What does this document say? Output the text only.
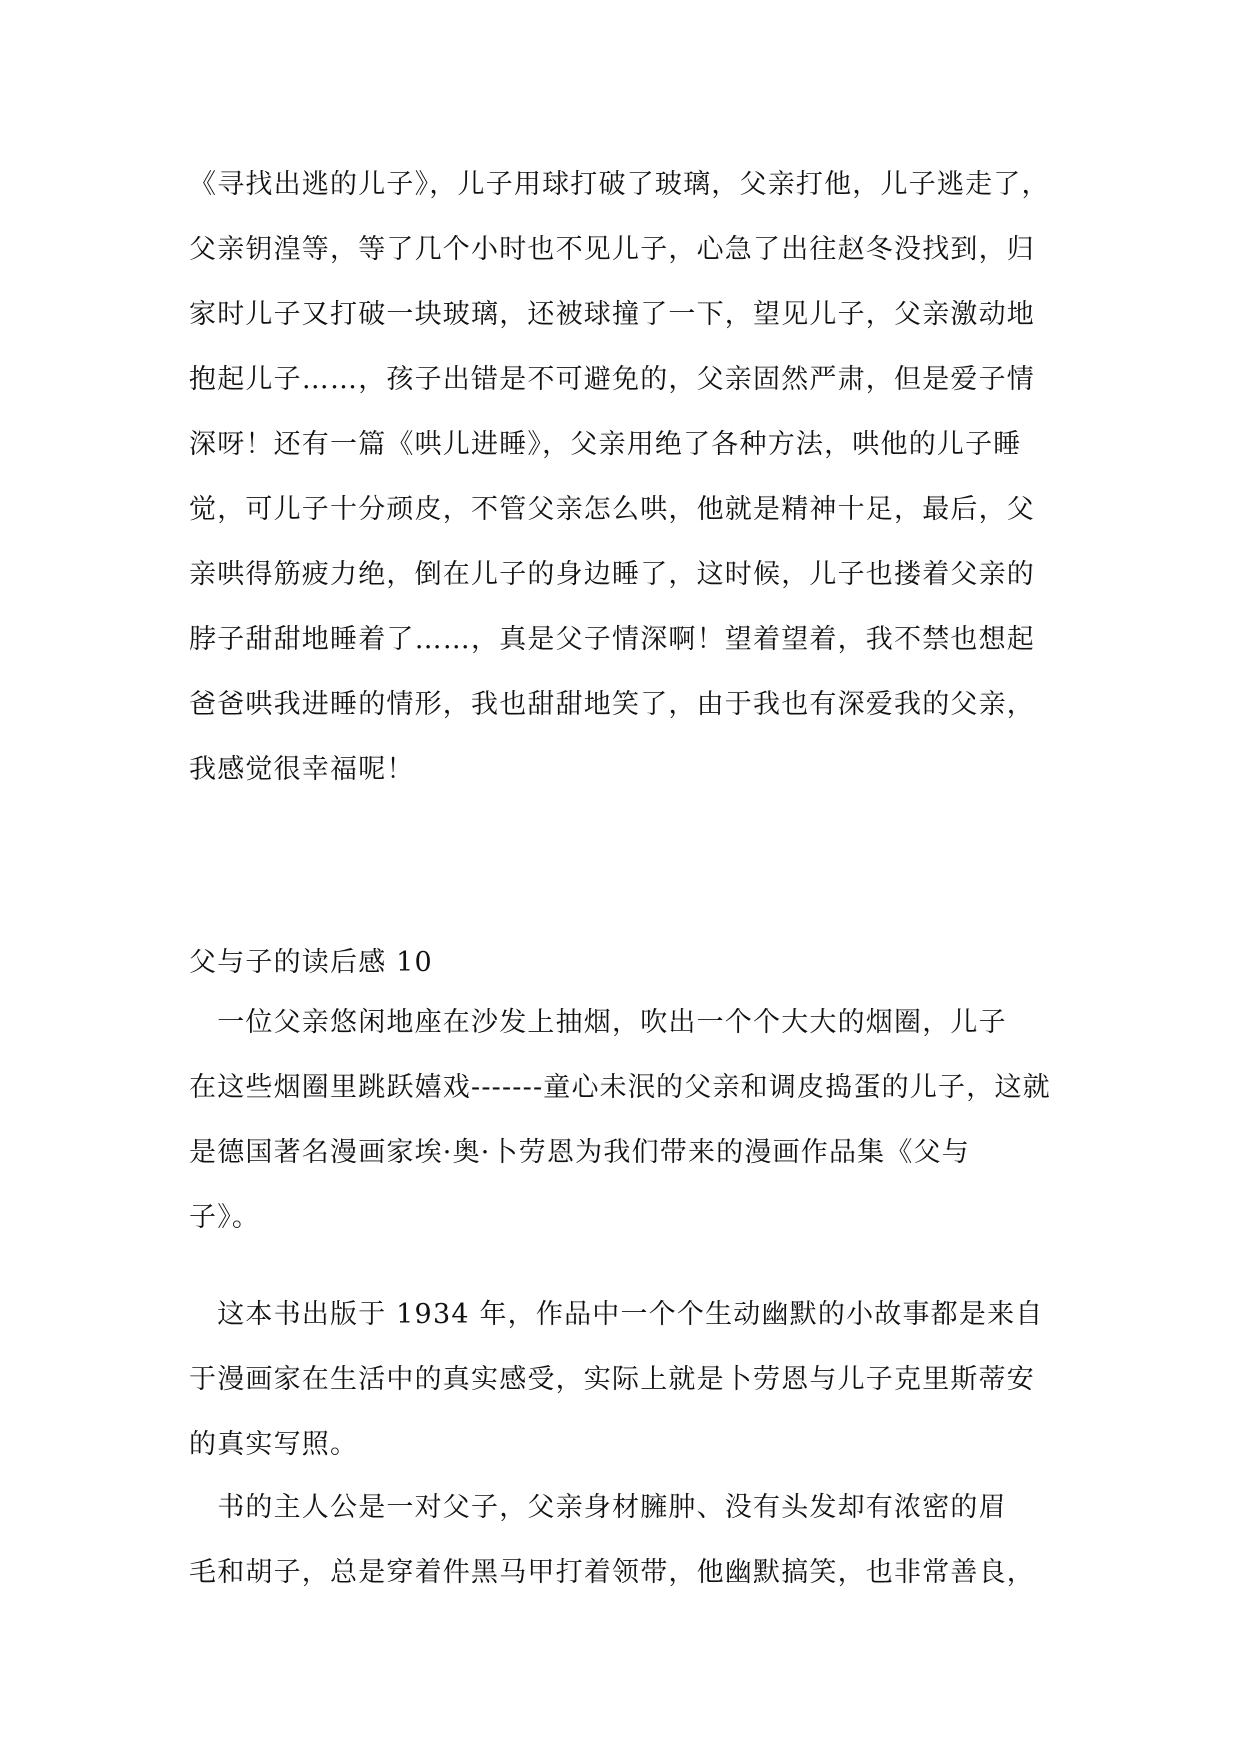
《寻找出逃的儿子》，儿子用球打破了玻璃，父亲打他，儿子逃走了，
父亲钥湟等，等了几个小时也不见儿子，心急了出往赵冬没找到，归
家时儿子又打破一块玻璃，还被球撞了一下，望见儿子，父亲激动地
抱起儿子……，孩子出错是不可避免的，父亲固然严肃，但是爱子情
深呀！还有一篇《哄儿进睡》，父亲用绝了各种方法，哄他的儿子睡
觉，可儿子十分顽皮，不管父亲怎么哄，他就是精神十足，最后，父
亲哄得筋疲力绝，倒在儿子的身边睡了，这时候，儿子也搂着父亲的
脖子甜甜地睡着了……，真是父子情深啊！望着望着，我不禁也想起
爸爸哄我进睡的情形，我也甜甜地笑了，由于我也有深爱我的父亲，
我感觉很幸福呢！
父与子的读后感 10
　一位父亲悠闲地座在沙发上抽烟，吹出一个个大大的烟圈，儿子
在这些烟圈里跳跃嬉戏-------童心未泯的父亲和调皮捣蛋的儿子，这就
是德国著名漫画家埃·奥·卜劳恩为我们带来的漫画作品集《父与
子》。
　这本书出版于 1934 年，作品中一个个生动幽默的小故事都是来自
于漫画家在生活中的真实感受，实际上就是卜劳恩与儿子克里斯蒂安
的真实写照。
　书的主人公是一对父子，父亲身材臃肿、没有头发却有浓密的眉
毛和胡子，总是穿着件黑马甲打着领带，他幽默搞笑，也非常善良，
